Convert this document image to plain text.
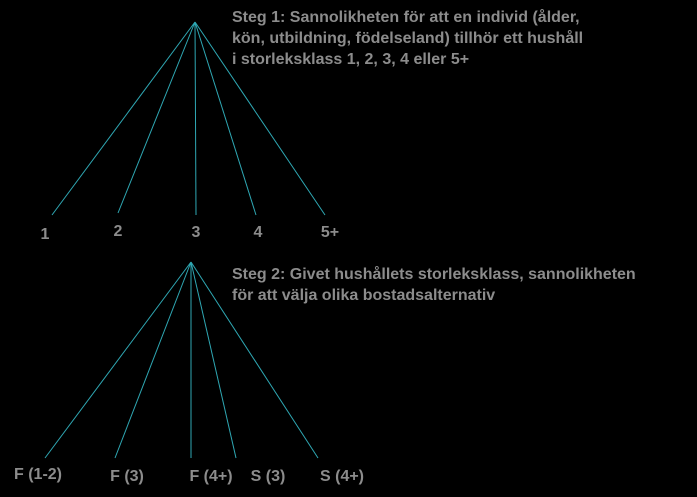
Steg 1: Sannolikheten för att en individ (ålder,
kön, utbildning, födelseland) tillhör ett hushåll
i storleksklass 1, 2, 3, 4 eller 5+
1	2	3	4	5+
Steg 2: Givet hushållets storleksklass, sannolikheten
för att välja olika bostadsalternativ
F (1-2)	F (3)	F (4+) S (3) S (4+)
